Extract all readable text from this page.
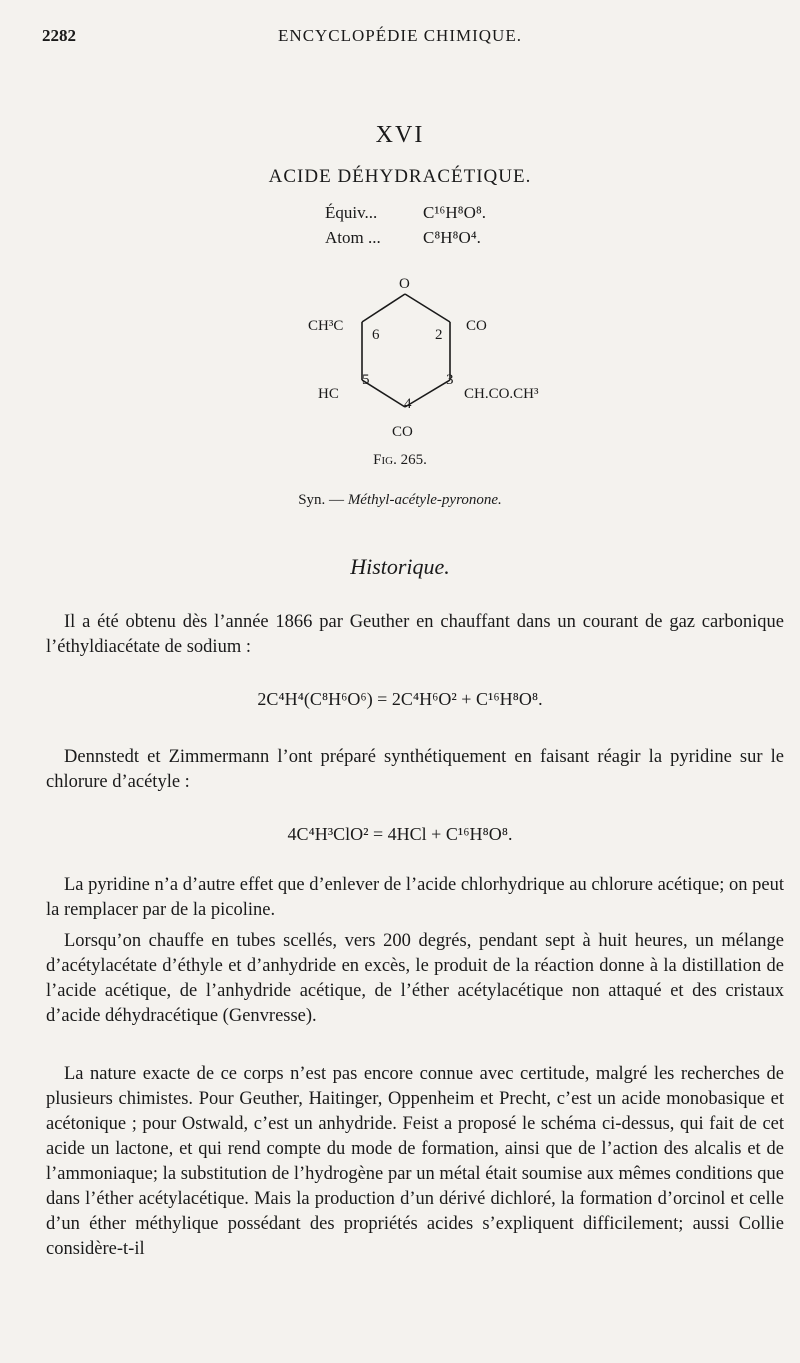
2282	ENCYCLOPÉDIE CHIMIQUE.
XVI
ACIDE DÉHYDRACÉTIQUE.
Équiv...	C¹⁶H⁸O⁸.
Atom ... C⁸H⁸O⁴.
O
CH³C	CO
HC	CH.CO.CH³
CO
6	2
5	3
4
Fig. 265.
Syn. — Méthyl-acétyle-pyronone.
Historique.

Il a été obtenu dès l’année 1866 par Geuther en chauffant dans un courant de gaz carbonique l’éthyldiacétate de sodium :

2C⁴H⁴(C⁸H⁶O⁶) = 2C⁴H⁶O² + C¹⁶H⁸O⁸.

Dennstedt et Zimmermann l’ont préparé synthétiquement en faisant réagir la pyridine sur le chlorure d’acétyle :

4C⁴H³ClO² = 4HCl + C¹⁶H⁸O⁸.

La pyridine n’a d’autre effet que d’enlever de l’acide chlorhydrique au chlorure acétique; on peut la remplacer par de la picoline.

Lorsqu’on chauffe en tubes scellés, vers 200 degrés, pendant sept à huit heures, un mélange d’acétylacétate d’éthyle et d’anhydride en excès, le produit de la réaction donne à la distillation de l’acide acétique, de l’anhydride acétique, de l’éther acétylacétique non attaqué et des cristaux d’acide déhydracétique (Genvresse).

La nature exacte de ce corps n’est pas encore connue avec certitude, malgré les recherches de plusieurs chimistes. Pour Geuther, Haitinger, Oppenheim et Precht, c’est un acide monobasique et acétonique ; pour Ostwald, c’est un anhydride. Feist a proposé le schéma ci-dessus, qui fait de cet acide un lactone, et qui rend compte du mode de formation, ainsi que de l’action des alcalis et de l’ammoniaque; la substitution de l’hydrogène par un métal était soumise aux mêmes conditions que dans l’éther acétylacétique. Mais la production d’un dérivé dichloré, la formation d’orcinol et celle d’un éther méthylique possédant des propriétés acides s’expliquent difficilement; aussi Collie considère-t-il
